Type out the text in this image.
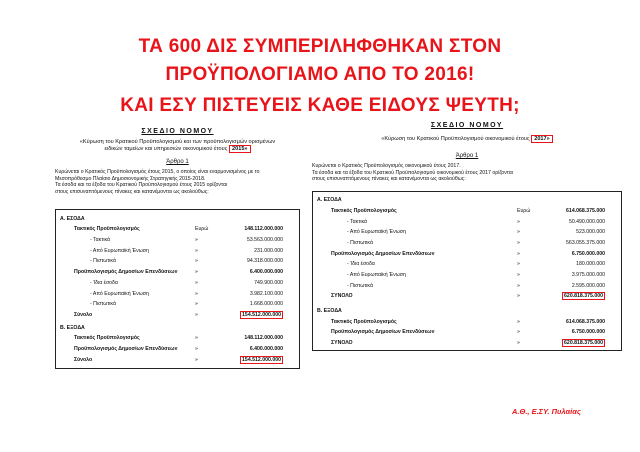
ΤΑ 600 ΔΙΣ ΣΥΜΠΕΡΙΛΗΦΘΗΚΑΝ ΣΤΟΝ
ΠΡΟΫΠΟΛΟΓΙΑΜΟ ΑΠΟ ΤΟ 2016!
ΚΑΙ ΕΣΥ ΠΙΣΤΕΥΕΙΣ ΚΑΘΕ ΕΙΔΟΥΣ ΨΕΥΤΗ;
ΣΧΕΔΙΟ ΝΟΜΟΥ
«Κύρωση του Κρατικού Προϋπολογισμού και των προϋπολογισμών ορισμένων
ειδικών ταμείων και υπηρεσιών οικονομικού έτους 2015»
Άρθρο 1
Κυρώνεται ο Κρατικός Προϋπολογισμός έτους 2015, ο οποίος είναι εναρμονισμένος με το
Μεσοπρόθεσμο Πλαίσιο Δημοσιονομικής Στρατηγικής 2015-2018.
Τα έσοδα και τα έξοδα του Κρατικού Προϋπολογισμού έτους 2015 ορίζονται
στους επισυναπτόμενους πίνακες και κατανέμονται ως ακολούθως:
Α. ΕΣΟΔΑ
Τακτικός Προϋπολογισμός	Ευρώ	148.112.000.000
- Τακτικά	»	53.563.000.000
- Από Ευρωπαϊκή Ένωση	»	231.000.000
- Πιστωτικά	»	94.318.000.000
Προϋπολογισμός Δημοσίων Επενδύσεων	»	6.400.000.000
- Ίδια έσοδα	»	749.900.000
- Από Ευρωπαϊκή Ένωση	»	3.982.100.000
- Πιστωτικά	»	1.668.000.000
Σύνολο	»	154.512.000.000
Β. ΕΞΟΔΑ
Τακτικός Προϋπολογισμός	»	148.112.000.000
Προϋπολογισμός Δημοσίων Επενδύσεων	»	6.400.000.000
Σύνολο	»	154.512.000.000
ΣΧΕΔΙΟ ΝΟΜΟΥ
«Κύρωση του Κρατικού Προϋπολογισμού οικονομικού έτους 2017»
Άρθρο 1
Κυρώνεται ο Κρατικός Προϋπολογισμός οικονομικού έτους 2017.
Τα έσοδα και τα έξοδα του Κρατικού Προϋπολογισμού οικονομικού έτους 2017 ορίζονται
στους επισυναπτόμενους πίνακες και κατανέμονται ως ακολούθως:
Α. ΕΣΟΔΑ
Τακτικός Προϋπολογισμός	Ευρώ	614.068.375.000
- Τακτικά	»	50.490.000.000
- Από Ευρωπαϊκή Ένωση	»	523.000.000
- Πιστωτικά	»	563.055.375.000
Προϋπολογισμός Δημοσίων Επενδύσεων	»	6.750.000.000
- Ίδια έσοδα	»	180.000.000
- Από Ευρωπαϊκή Ένωση	»	3.975.000.000
- Πιστωτικά	»	2.595.000.000
ΣΥΝΟΛΟ	»	620.818.375.000
Β. ΕΞΟΔΑ
Τακτικός Προϋπολογισμός	»	614.068.375.000
Προϋπολογισμός Δημοσίων Επενδύσεων	»	6.750.000.000
ΣΥΝΟΛΟ	»	620.818.375.000
Α.Θ., Ε.ΣΥ. Πυλαίας
